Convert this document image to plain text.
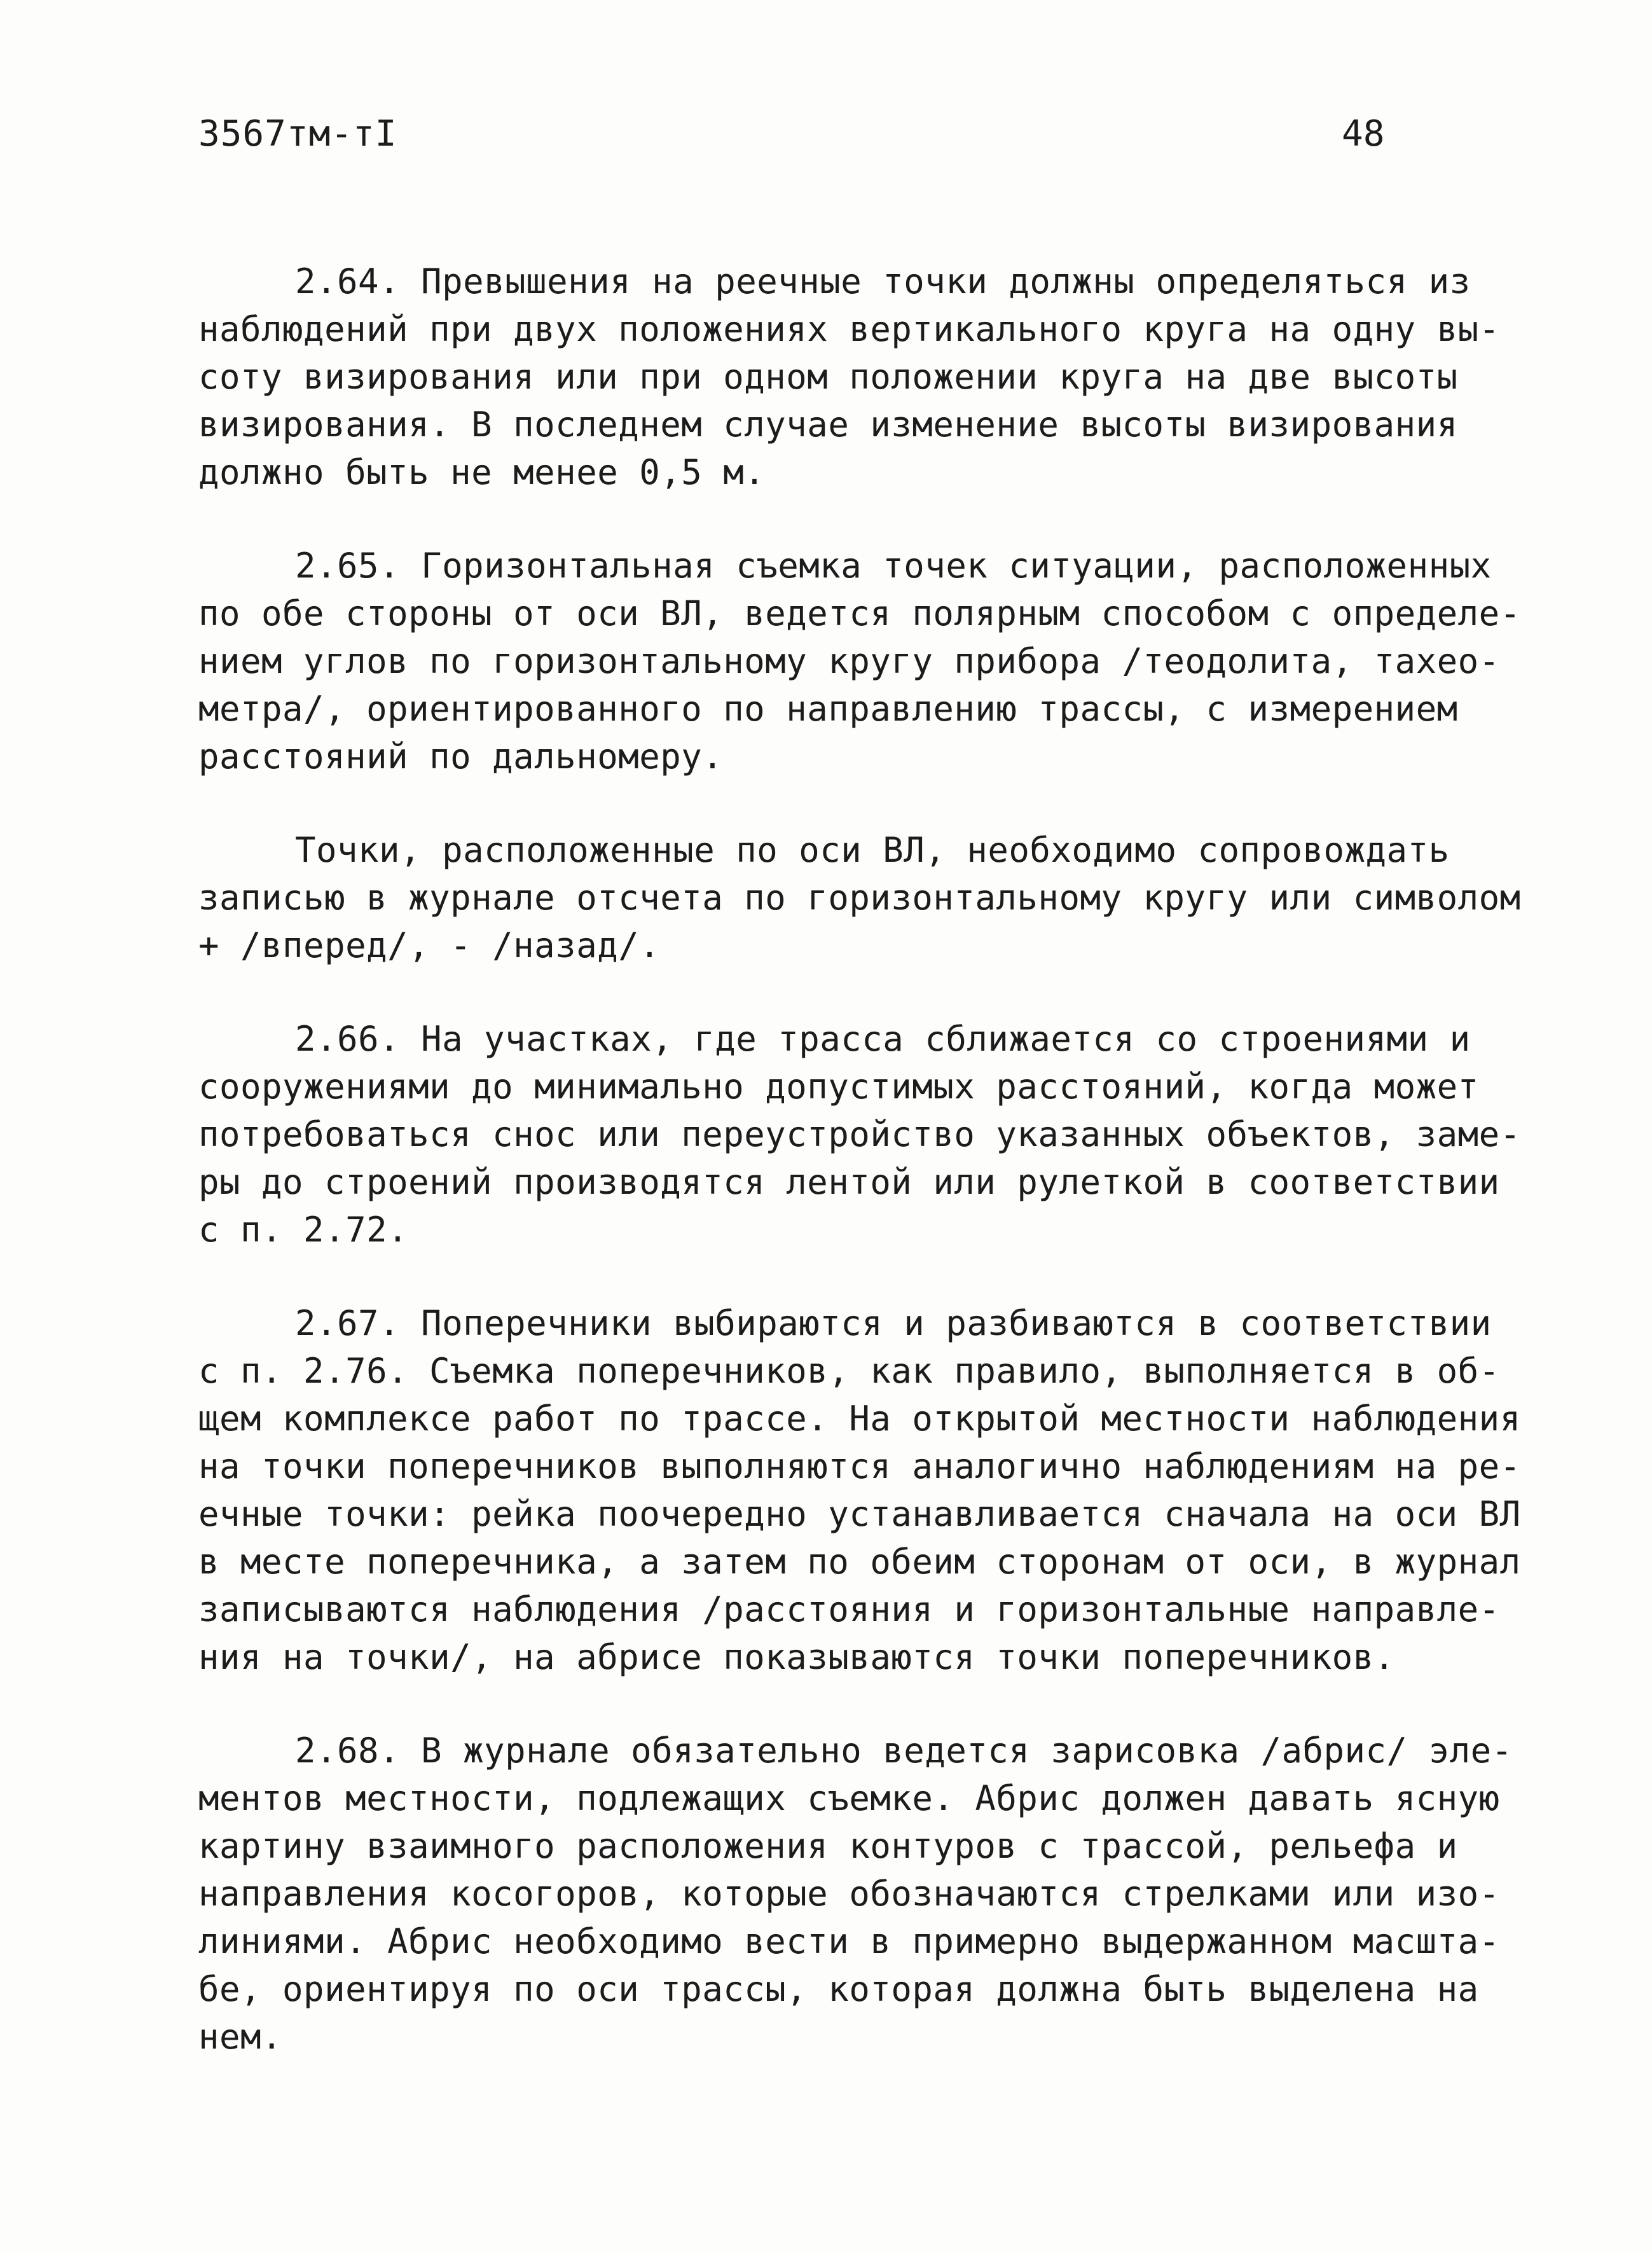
3567тм-тI	48
2.64. Превышения на реечные точки должны определяться из
наблюдений при двух положениях вертикального круга на одну вы-
соту визирования или при одном положении круга на две высоты
визирования. В последнем случае изменение высоты визирования
должно быть не менее 0,5 м.
2.65. Горизонтальная съемка точек ситуации, расположенных
по обе стороны от оси ВЛ, ведется полярным способом с определе-
нием углов по горизонтальному кругу прибора /теодолита, тахео-
метра/, ориентированного по направлению трассы, с измерением
расстояний по дальномеру.
Точки, расположенные по оси ВЛ, необходимо сопровождать
записью в журнале отсчета по горизонтальному кругу или символом
+ /вперед/, - /назад/.
2.66. На участках, где трасса сближается со строениями и
сооружениями до минимально допустимых расстояний, когда может
потребоваться снос или переустройство указанных объектов, заме-
ры до строений производятся лентой или рулеткой в соответствии
с п. 2.72.
2.67. Поперечники выбираются и разбиваются в соответствии
с п. 2.76. Съемка поперечников, как правило, выполняется в об-
щем комплексе работ по трассе. На открытой местности наблюдения
на точки поперечников выполняются аналогично наблюдениям на ре-
ечные точки: рейка поочередно устанавливается сначала на оси ВЛ
в месте поперечника, а затем по обеим сторонам от оси, в журнал
записываются наблюдения /расстояния и горизонтальные направле-
ния на точки/, на абрисе показываются точки поперечников.
2.68. В журнале обязательно ведется зарисовка /абрис/ эле-
ментов местности, подлежащих съемке. Абрис должен давать ясную
картину взаимного расположения контуров с трассой, рельефа и
направления косогоров, которые обозначаются стрелками или изо-
линиями. Абрис необходимо вести в примерно выдержанном масшта-
бе, ориентируя по оси трассы, которая должна быть выделена на
нем.
